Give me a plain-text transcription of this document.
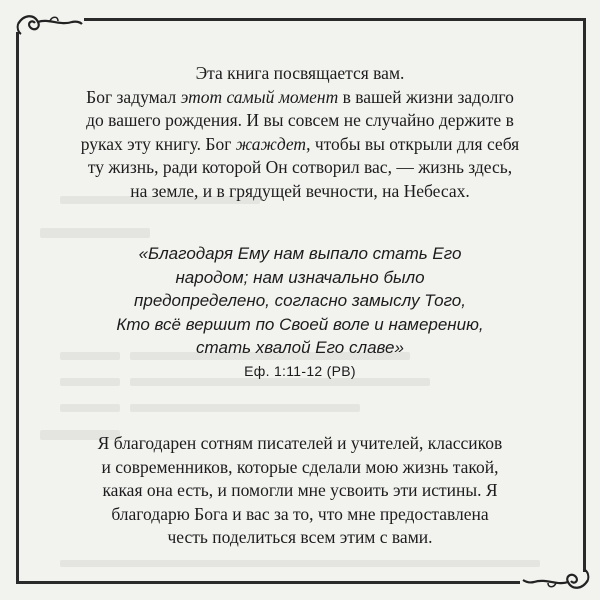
Эта книга посвящается вам.
Бог задумал этот самый момент в вашей жизни задолго
до вашего рождения. И вы совсем не случайно держите в
руках эту книгу. Бог жаждет, чтобы вы открыли для себя
ту жизнь, ради которой Он сотворил вас, — жизнь здесь,
на земле, и в грядущей вечности, на Небесах.
«Благодаря Ему нам выпало стать Его
народом; нам изначально было
предопределено, согласно замыслу Того,
Кто всё вершит по Своей воле и намерению,
стать хвалой Его славе»
Еф. 1:11-12 (РВ)
Я благодарен сотням писателей и учителей, классиков
и современников, которые сделали мою жизнь такой,
какая она есть, и помогли мне усвоить эти истины. Я
благодарю Бога и вас за то, что мне предоставлена
честь поделиться всем этим с вами.
